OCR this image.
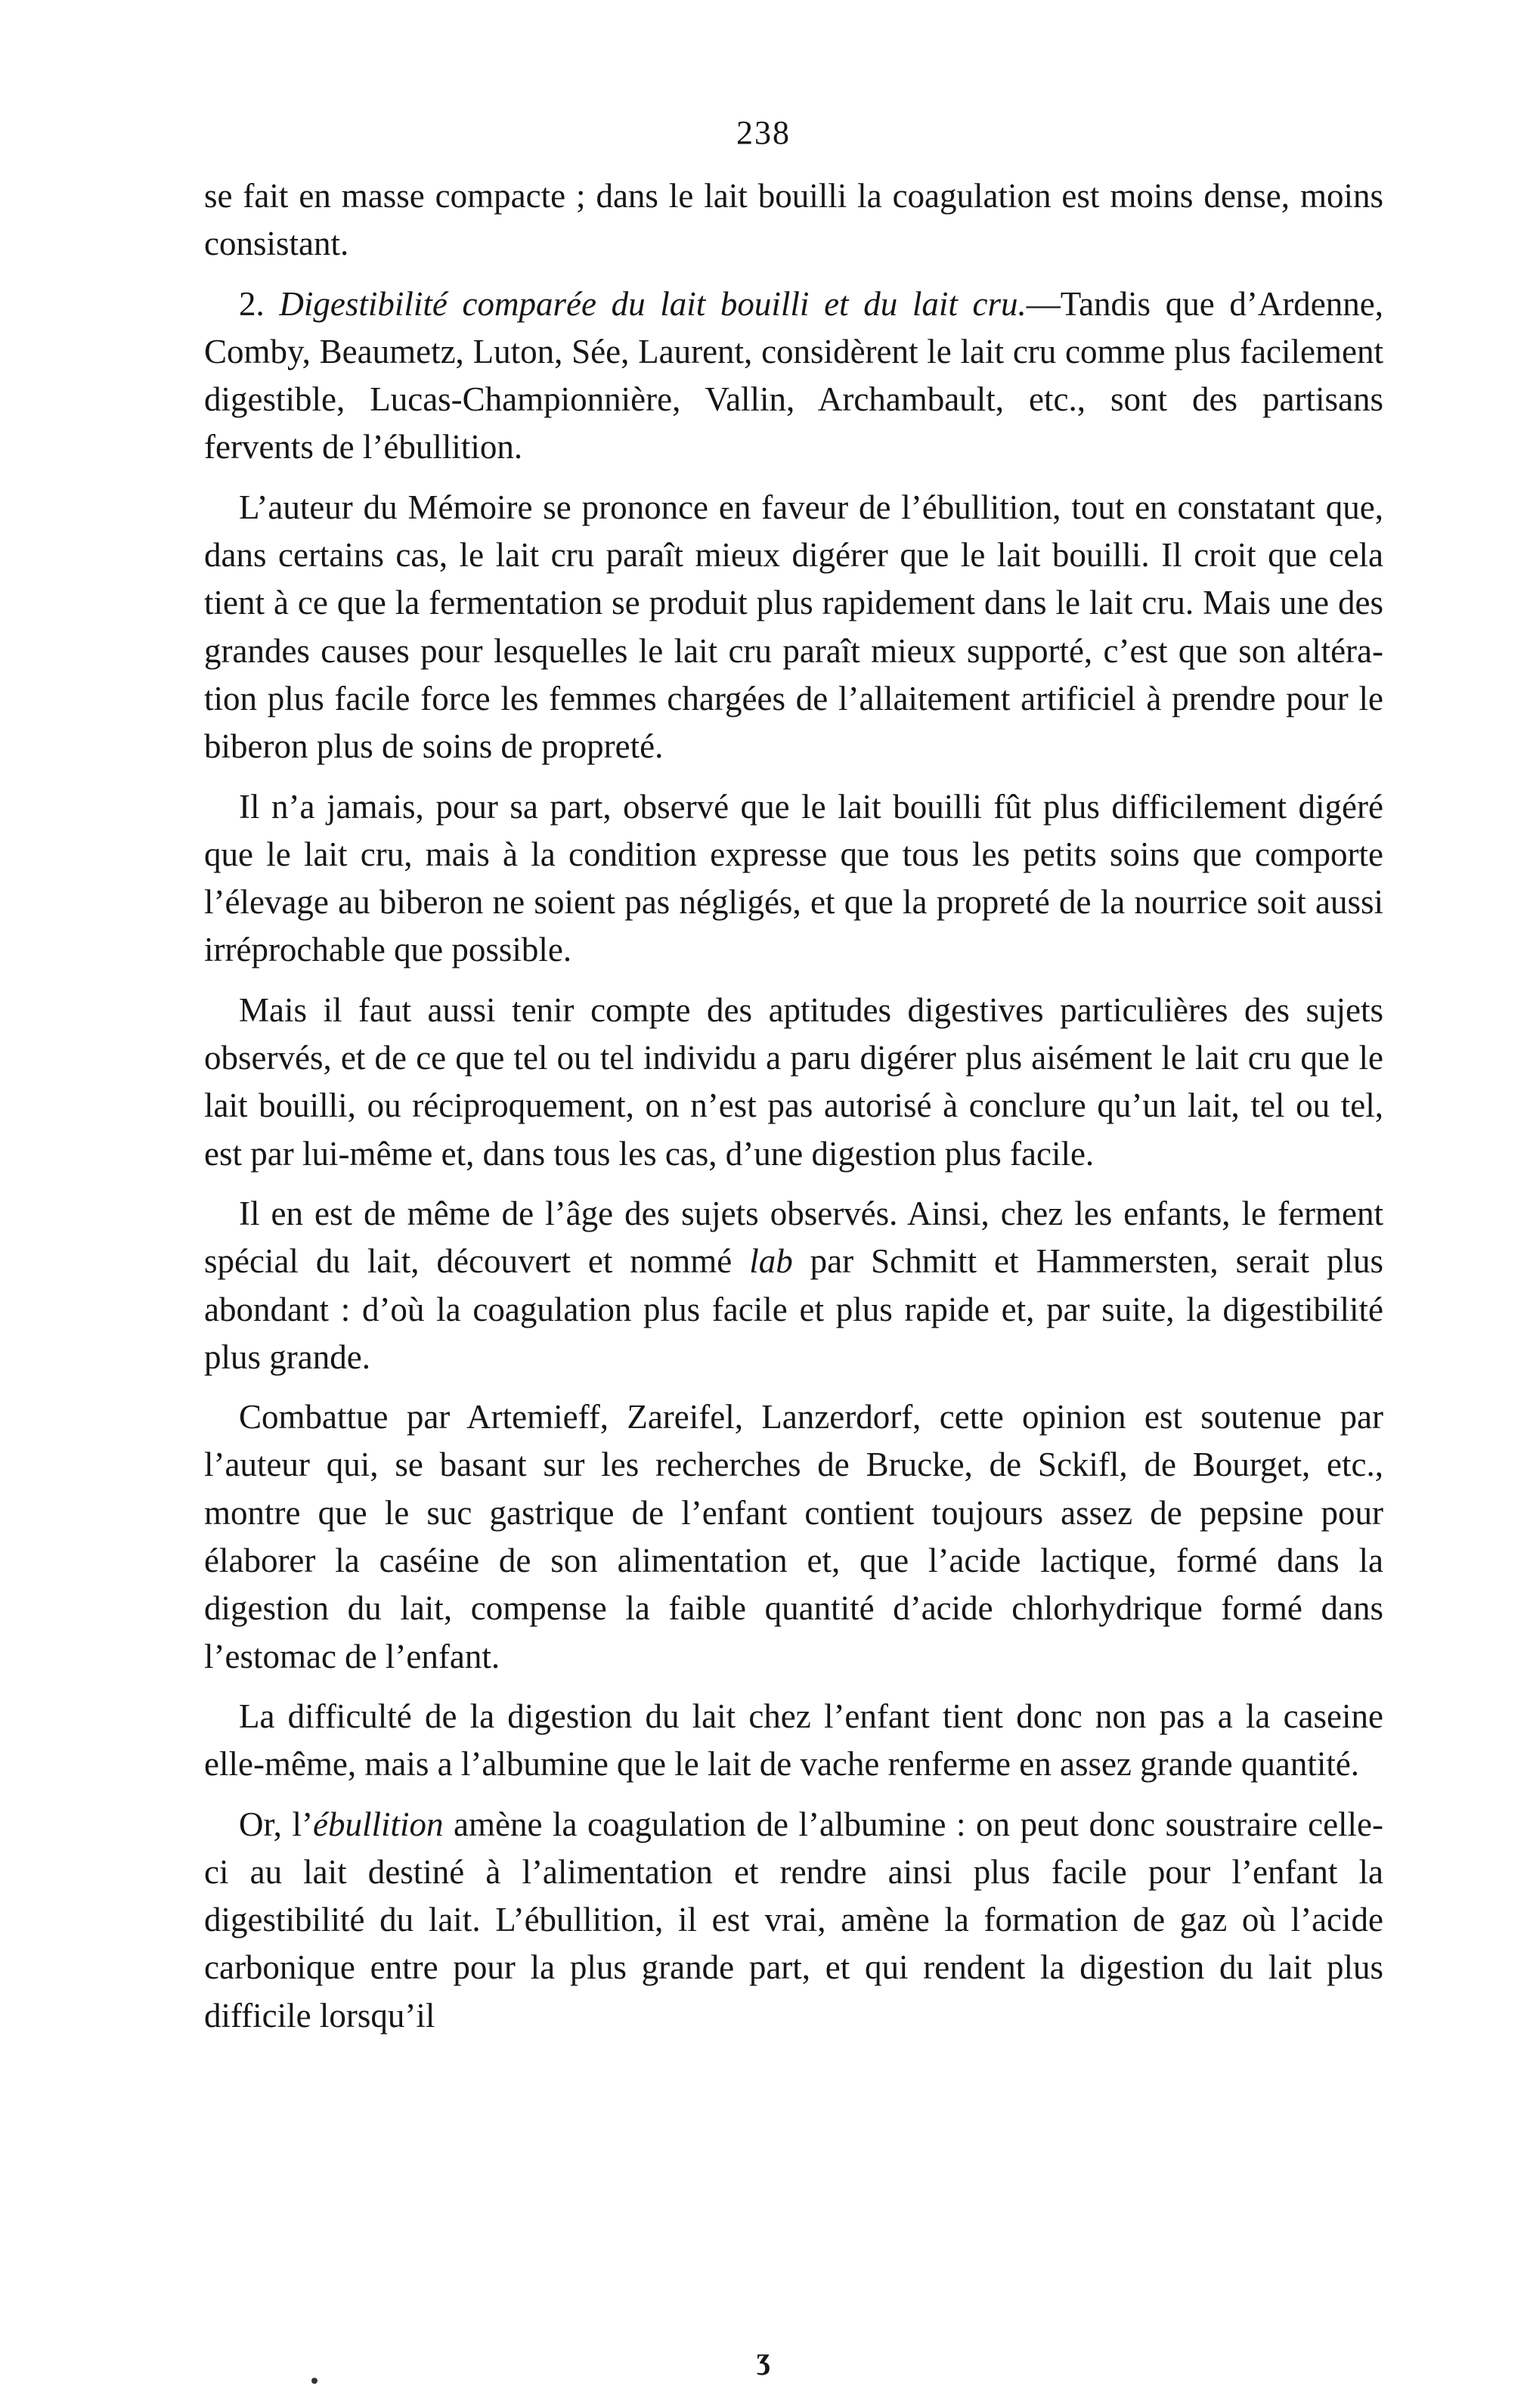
238

se fait en masse compacte ; dans le lait bouilli la coagulation est moins dense, moins consistant.

2. Digestibilité comparée du lait bouilli et du lait cru.—Tandis que d’Ardenne, Comby, Beaumetz, Luton, Sée, Laurent, considèrent le lait cru comme plus facilement digestible, Lucas-Championnière, Vallin, Archambault, etc., sont des partisans fervents de l’ébullition.

L’auteur du Mémoire se prononce en faveur de l’ébullition, tout en constatant que, dans certains cas, le lait cru paraît mieux digérer que le lait bouilli. Il croit que cela tient à ce que la fermentation se produit plus rapidement dans le lait cru. Mais une des grandes causes pour lesquelles le lait cru paraît mieux supporté, c’est que son altération plus facile force les femmes chargées de l’allaitement artificiel à prendre pour le biberon plus de soins de propreté.

Il n’a jamais, pour sa part, observé que le lait bouilli fût plus difficilement digéré que le lait cru, mais à la condition expresse que tous les petits soins que comporte l’élevage au biberon ne soient pas négligés, et que la propreté de la nourrice soit aussi irréprochable que possible.

Mais il faut aussi tenir compte des aptitudes digestives particulières des sujets observés, et de ce que tel ou tel individu a paru digérer plus aisément le lait cru que le lait bouilli, ou réciproquement, on n’est pas autorisé à conclure qu’un lait, tel ou tel, est par lui-même et, dans tous les cas, d’une digestion plus facile.

Il en est de même de l’âge des sujets observés. Ainsi, chez les enfants, le ferment spécial du lait, découvert et nommé lab par Schmitt et Hammersten, serait plus abondant : d’où la coagulation plus facile et plus rapide et, par suite, la digestibilité plus grande.

Combattue par Artemieff, Zareifel, Lanzerdorf, cette opinion est soutenue par l’auteur qui, se basant sur les recherches de Brucke, de Sckifl, de Bourget, etc., montre que le suc gastrique de l’enfant contient toujours assez de pepsine pour élaborer la caséine de son alimentation et, que l’acide lactique, formé dans la digestion du lait, compense la faible quantité d’acide chlorhydrique formé dans l’estomac de l’enfant.

La difficulté de la digestion du lait chez l’enfant tient donc non pas a la caseine elle-même, mais a l’albumine que le lait de vache renferme en assez grande quantité.

Or, l’ébullition amène la coagulation de l’albumine : on peut donc soustraire celle-ci au lait destiné à l’alimentation et rendre ainsi plus facile pour l’enfant la digestibilité du lait. L’ébullition, il est vrai, amène la formation de gaz où l’acide carbonique entre pour la plus grande part, et qui rendent la digestion du lait plus difficile lorsqu’il

ʒ
